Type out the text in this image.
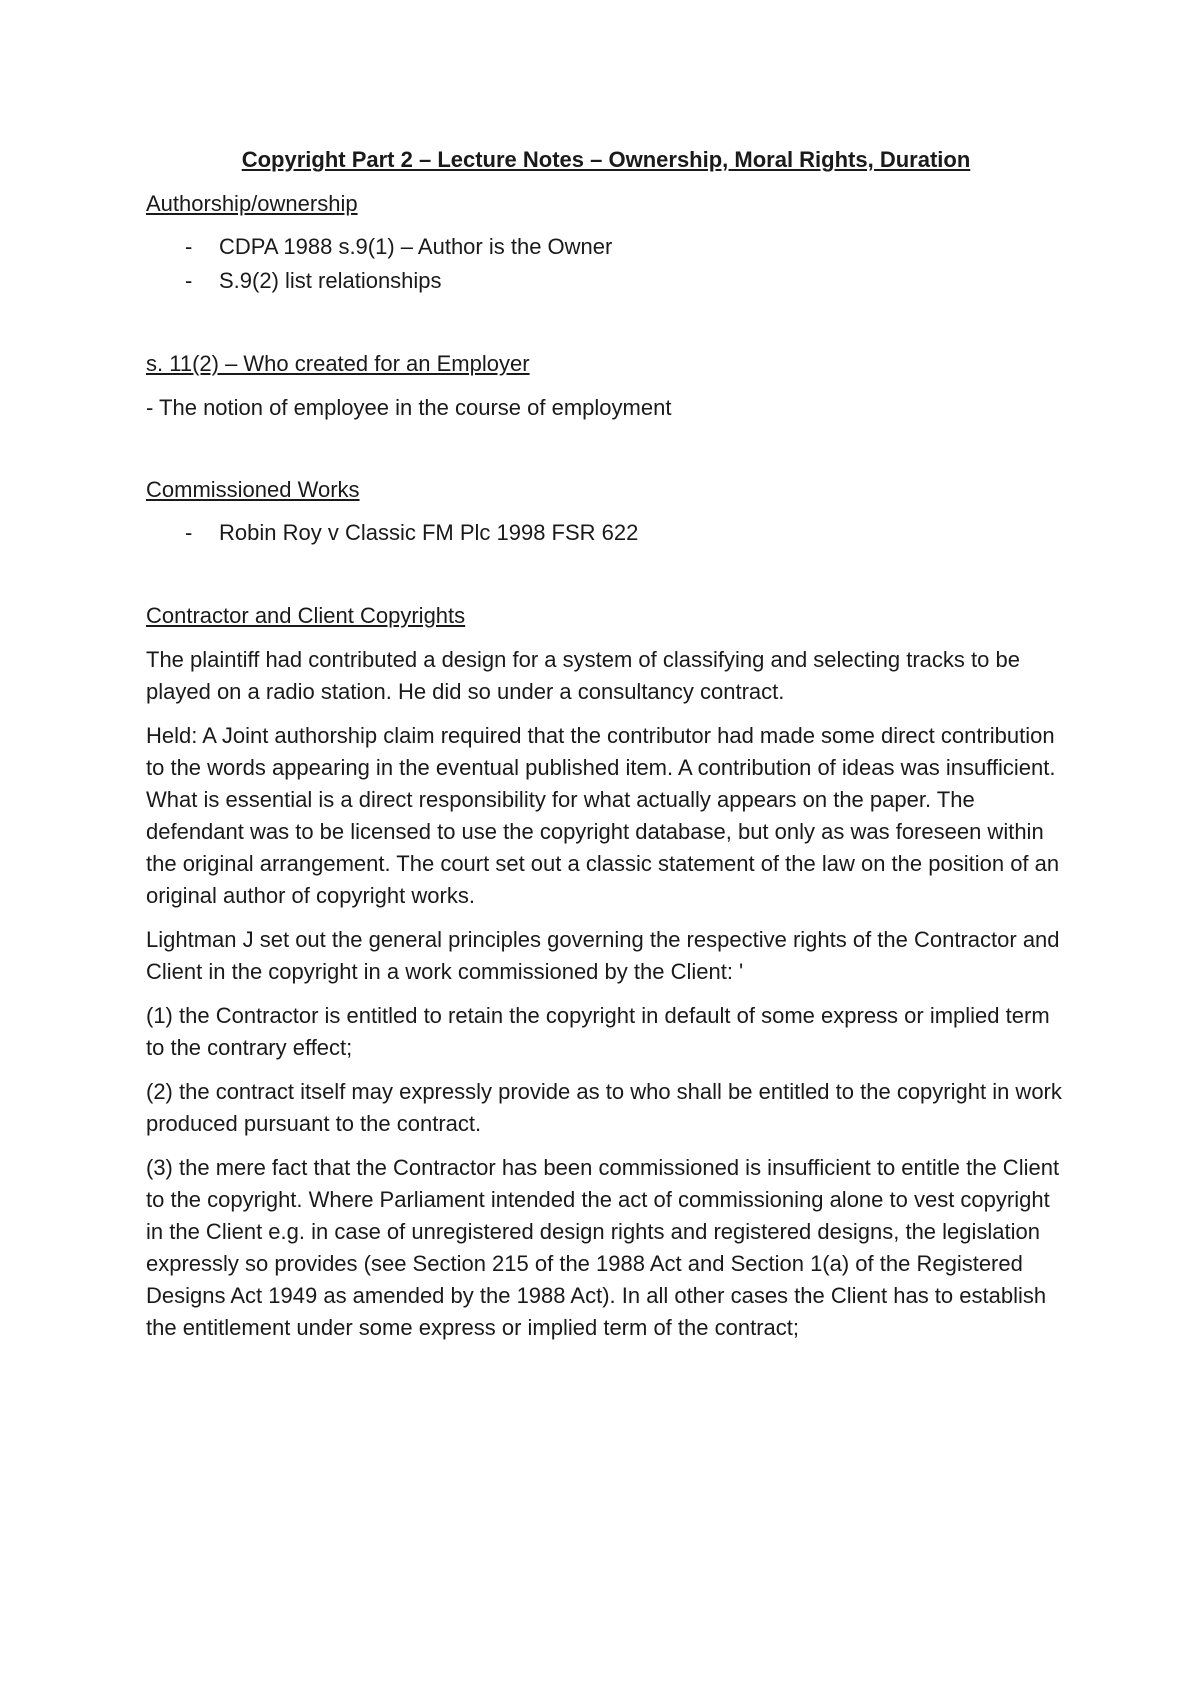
Copyright Part 2 – Lecture Notes – Ownership, Moral Rights, Duration

Authorship/ownership

- CDPA 1988 s.9(1) – Author is the Owner
- S.9(2) list relationships

s. 11(2) – Who created for an Employer

- The notion of employee in the course of employment

Commissioned Works

- Robin Roy v Classic FM Plc 1998 FSR 622

Contractor and Client Copyrights

The plaintiff had contributed a design for a system of classifying and selecting tracks to be played on a radio station. He did so under a consultancy contract.

Held: A Joint authorship claim required that the contributor had made some direct contribution to the words appearing in the eventual published item. A contribution of ideas was insufficient. What is essential is a direct responsibility for what actually appears on the paper. The defendant was to be licensed to use the copyright database, but only as was foreseen within the original arrangement. The court set out a classic statement of the law on the position of an original author of copyright works.

Lightman J set out the general principles governing the respective rights of the Contractor and Client in the copyright in a work commissioned by the Client: '

(1) the Contractor is entitled to retain the copyright in default of some express or implied term to the contrary effect;

(2) the contract itself may expressly provide as to who shall be entitled to the copyright in work produced pursuant to the contract.

(3) the mere fact that the Contractor has been commissioned is insufficient to entitle the Client to the copyright. Where Parliament intended the act of commissioning alone to vest copyright in the Client e.g. in case of unregistered design rights and registered designs, the legislation expressly so provides (see Section 215 of the 1988 Act and Section 1(a) of the Registered Designs Act 1949 as amended by the 1988 Act). In all other cases the Client has to establish the entitlement under some express or implied term of the contract;
